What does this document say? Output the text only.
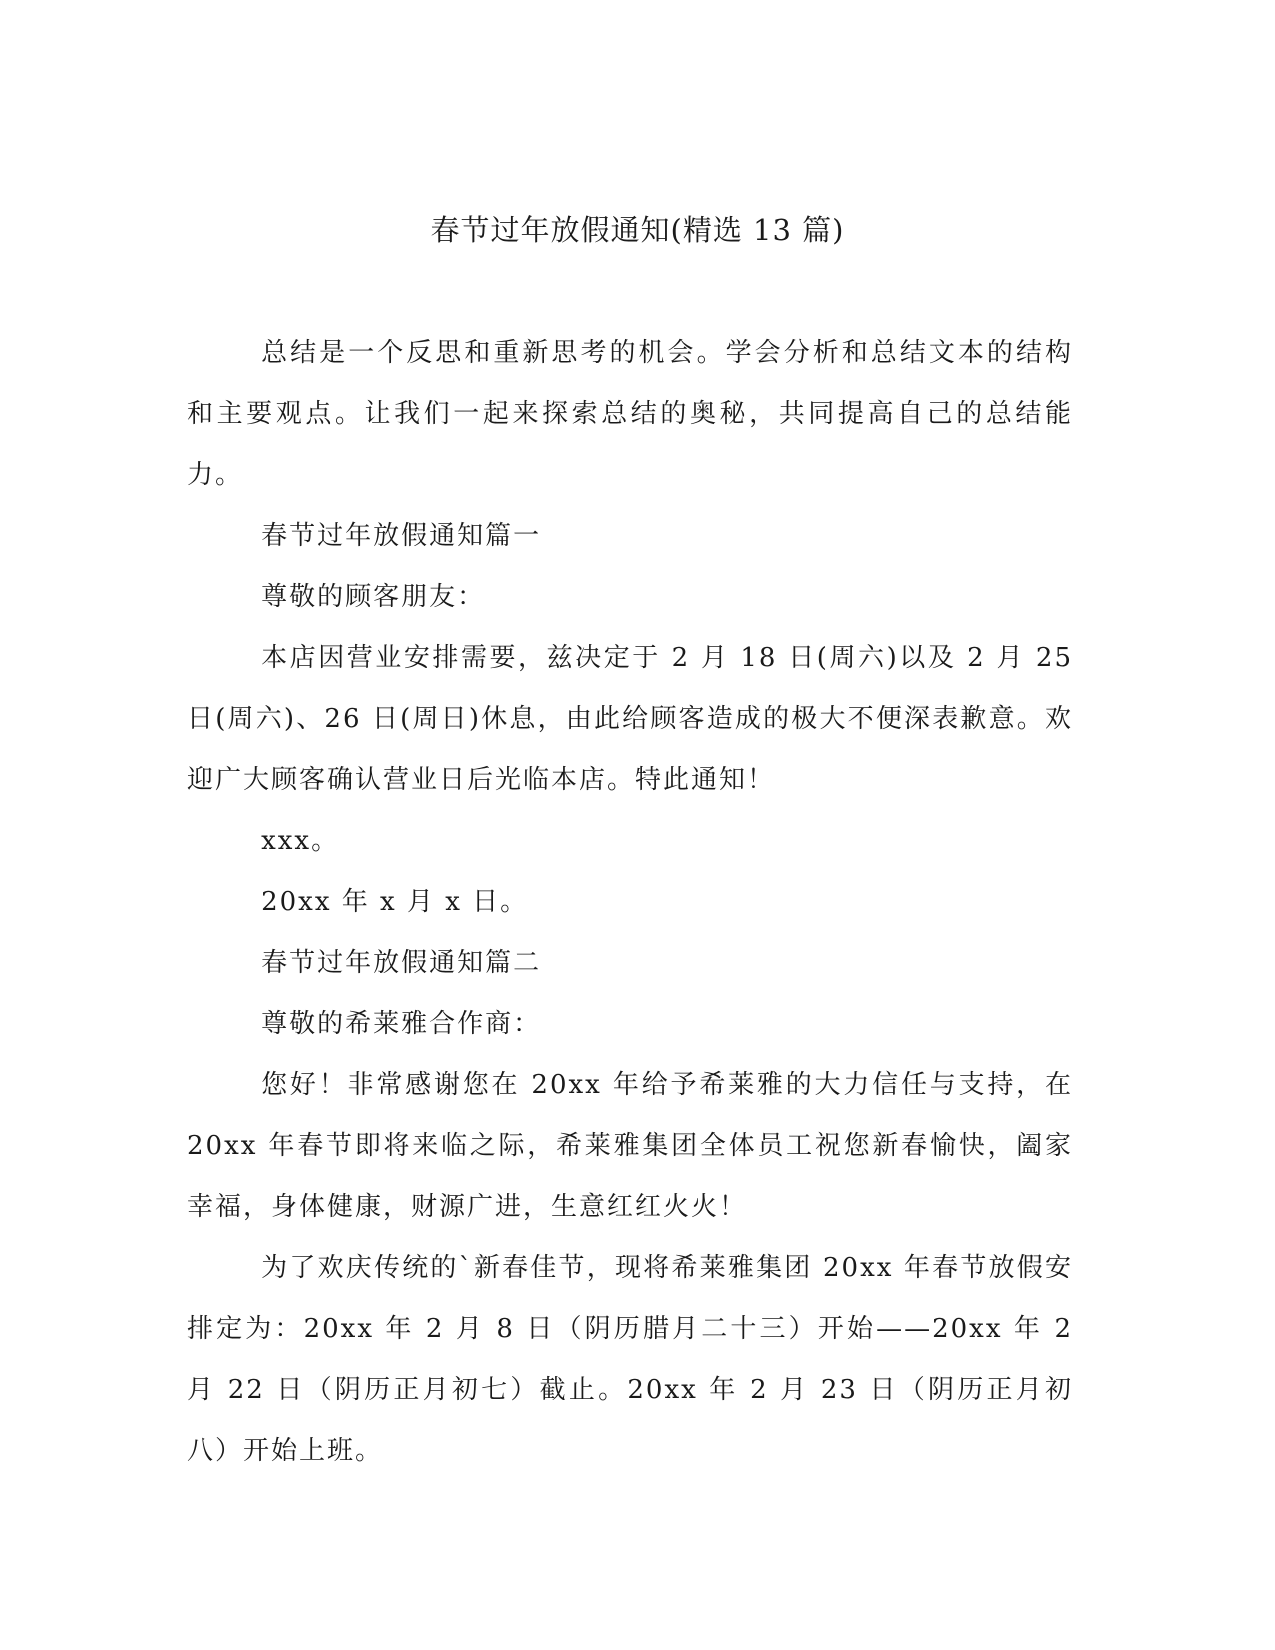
春节过年放假通知(精选 13 篇)

总结是一个反思和重新思考的机会。学会分析和总结文本的结构和主要观点。让我们一起来探索总结的奥秘，共同提高自己的总结能力。

春节过年放假通知篇一

尊敬的顾客朋友：

本店因营业安排需要，兹决定于 2 月 18 日(周六)以及 2 月 25 日(周六)、26 日(周日)休息，由此给顾客造成的极大不便深表歉意。欢迎广大顾客确认营业日后光临本店。特此通知！

xxx。

20xx 年 x 月 x 日。

春节过年放假通知篇二

尊敬的希莱雅合作商：

您好！非常感谢您在 20xx 年给予希莱雅的大力信任与支持，在 20xx 年春节即将来临之际，希莱雅集团全体员工祝您新春愉快，阖家幸福，身体健康，财源广进，生意红红火火！

为了欢庆传统的`新春佳节，现将希莱雅集团 20xx 年春节放假安排定为：20xx 年 2 月 8 日（阴历腊月二十三）开始——20xx 年 2 月 22 日（阴历正月初七）截止。20xx 年 2 月 23 日（阴历正月初八）开始上班。
